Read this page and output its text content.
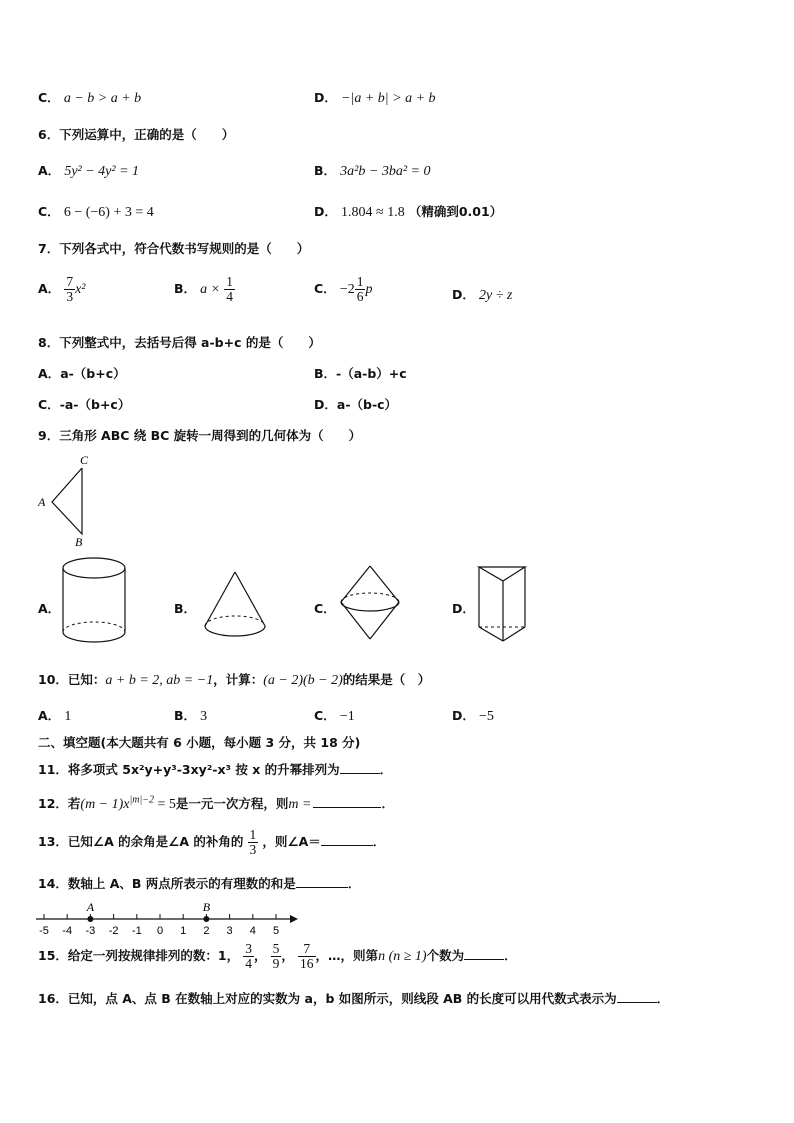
C． a − b > a + b	D． −|a + b| > a + b
6．下列运算中，正确的是（　　）
A． 5y² − 4y² = 1	B． 3a²b − 3ba² = 0
C． 6 − (−6) + 3 = 4	D． 1.804 ≈ 1.8 （精确到0.01）
7．下列各式中，符合代数书写规则的是（　　）
A． $\frac{7}{3} x^2$	B． $a \times \frac{1}{4}$	C． $-2 \frac{1}{6}$ p	D． 2y ÷ z
8．下列整式中，去括号后得 a-b+c 的是（　　）
A．a-（b+c）	B．-（a-b）+c
C．-a-（b+c）	D．a-（b-c）
9．三角形 ABC 绕 BC 旋转一周得到的几何体为（　　）
C
A
B
A．	B．	C．	D．
10．已知：a + b = 2, ab = −1，计算：(a − 2)(b − 2)的结果是（　）
A． 1	B． 3	C． −1	D． −5
二、填空题(本大题共有 6 小题，每小题 3 分，共 18 分)
11．将多项式 5x²y+y³-3xy²-x³ 按 x 的升幂排列为	．
12．若$(m - 1)x^{|m|-2} = 5$是一元一次方程，则m =	．
13．已知∠A 的余角是∠A 的补角的 $\frac{1}{3}$ ，则∠A＝	．
14．数轴上 A、B 两点所表示的有理数的和是	．
-5 -4 -3 -2 -1 0 1 2 3 4 5
A	B
15．给定一列按规律排列的数：1， $\frac{3}{4}$ ， $\frac{5}{9}$ ， $\frac{7}{16}$ ，…，则第n (n ≥ 1)个数为	．
16．已知，点 A、点 B 在数轴上对应的实数为 a，b 如图所示，则线段 AB 的长度可以用代数式表示为	．
